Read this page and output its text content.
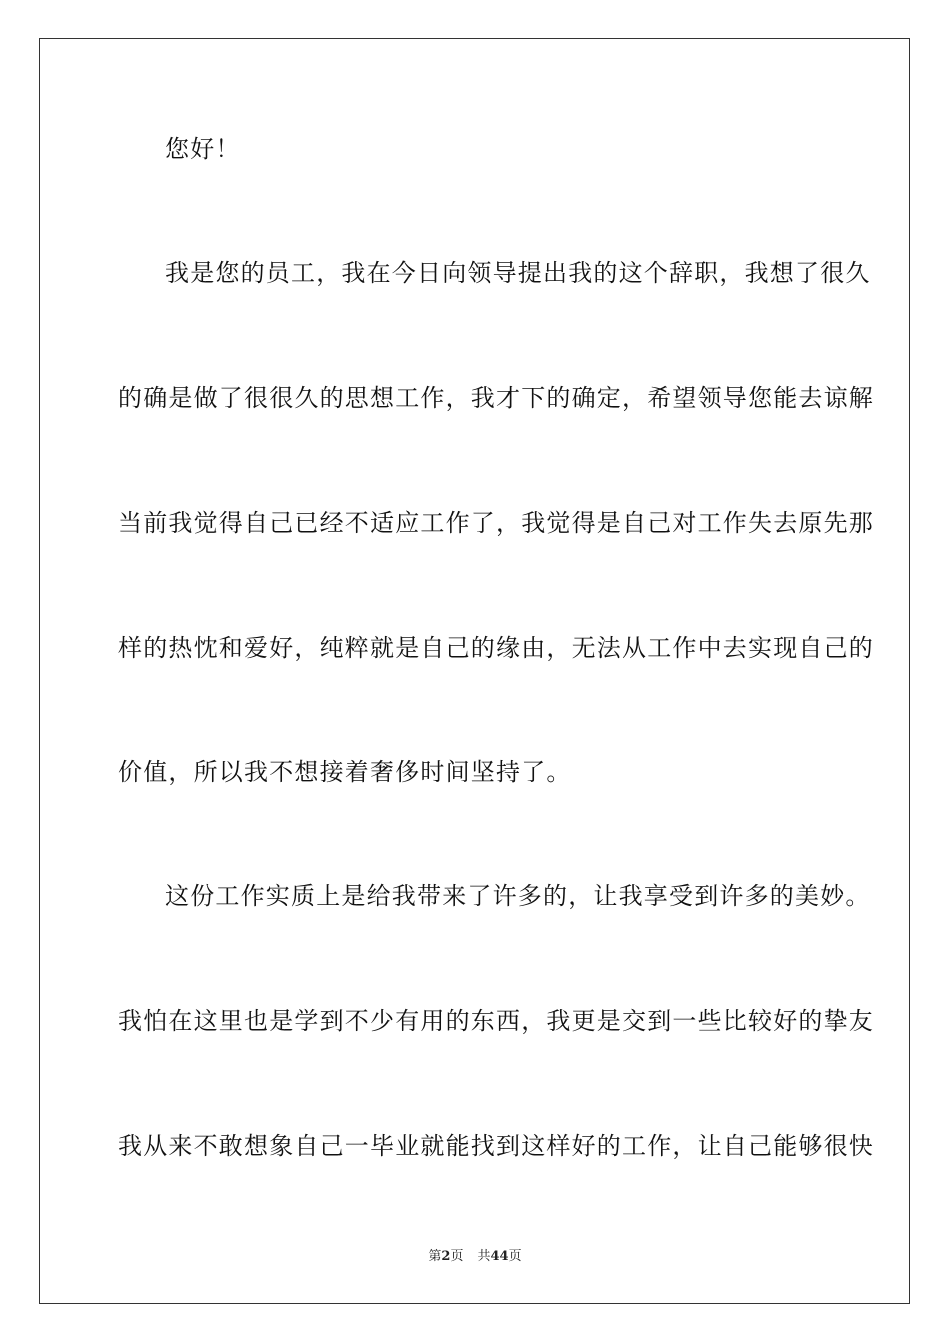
您好！
我是您的员工，我在今日向领导提出我的这个辞职，我想了很久
的确是做了很很久的思想工作，我才下的确定，希望领导您能去谅解
当前我觉得自己已经不适应工作了，我觉得是自己对工作失去原先那
样的热忱和爱好，纯粹就是自己的缘由，无法从工作中去实现自己的
价值，所以我不想接着奢侈时间坚持了。
这份工作实质上是给我带来了许多的，让我享受到许多的美妙。
我怕在这里也是学到不少有用的东西，我更是交到一些比较好的挚友
我从来不敢想象自己一毕业就能找到这样好的工作，让自己能够很快
第2页 共44页
